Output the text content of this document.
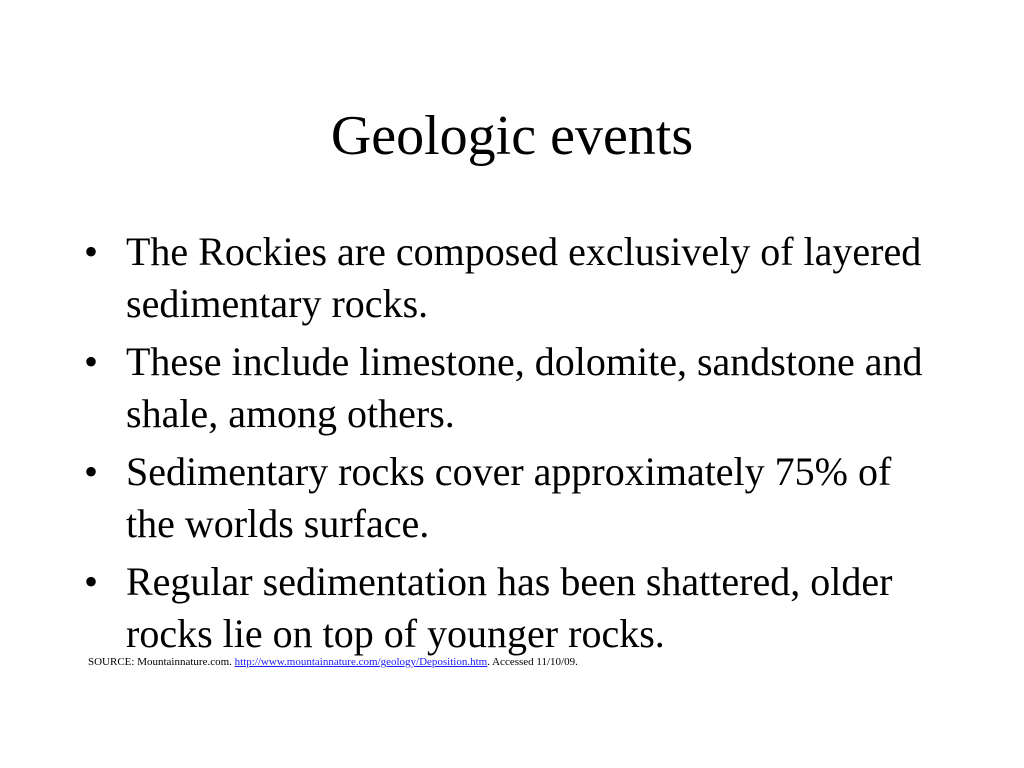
Geologic events
• The Rockies are composed exclusively of layered sedimentary rocks.
• These include limestone, dolomite, sandstone and shale, among others.
• Sedimentary rocks cover approximately 75% of the worlds surface.
• Regular sedimentation has been shattered, older rocks lie on top of younger rocks.
SOURCE: Mountainnature.com. http://www.mountainnature.com/geology/Deposition.htm. Accessed 11/10/09.
